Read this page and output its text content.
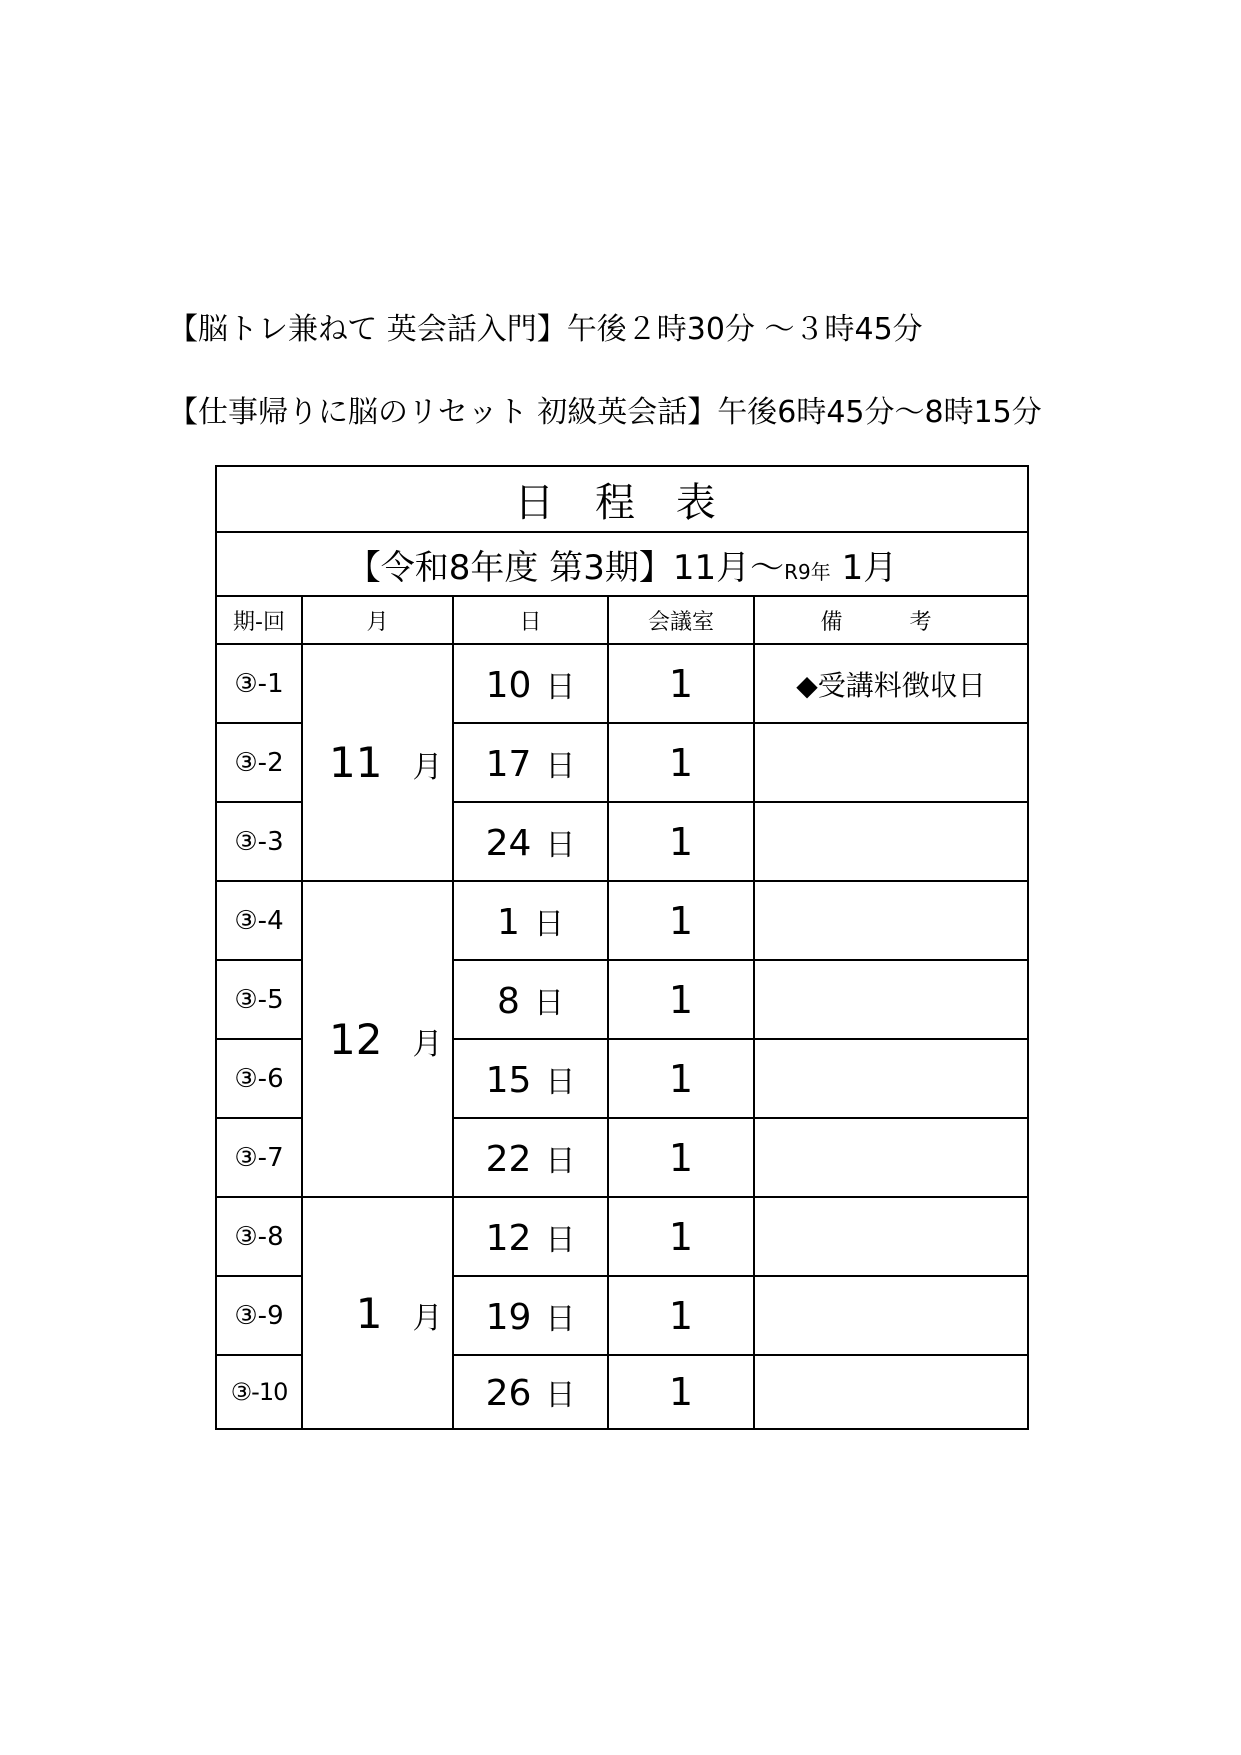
【脳トレ兼ねて 英会話入門】午後２時30分 ～３時45分
【仕事帰りに脳のリセット 初級英会話】午後6時45分～8時15分
日 程 表				
【令和8年度 第3期】11月～R9年 1月				
期-回	月	日	会議室	備 考
③-1	11 月	10 日	1	◆受講料徴収日
③-2		17 日	1	
③-3		24 日	1	
③-4	12 月	1 日	1	
③-5		8 日	1	
③-6		15 日	1	
③-7		22 日	1	
③-8	1 月	12 日	1	
③-9		19 日	1	
③-10		26 日	1	
